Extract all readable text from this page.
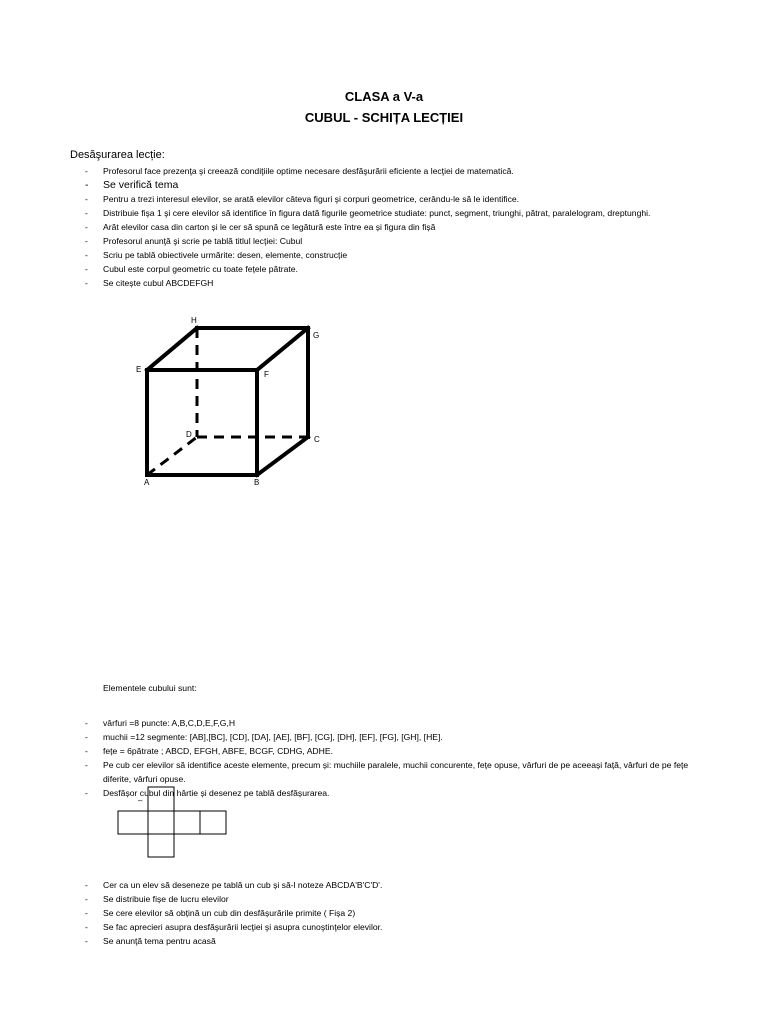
CLASA a V-a
CUBUL - SCHIȚA LECȚIEI
Desăşurarea lecție:
- Profesorul face prezenţa şi creează condiţiile optime necesare desfăşurării eficiente a lecţiei de matematică.
- Se verifică tema
- Pentru a trezi interesul elevilor, se arată elevilor câteva figuri şi corpuri geometrice, cerându-le să le identifice.
- Distribuie fişa 1 şi cere elevilor să identifice în figura dată figurile geometrice studiate: punct, segment, triunghi, pătrat, paralelogram, dreptunghi.
- Arăt elevilor casa din carton și le cer să spună ce legătură este între ea și figura din fișă
- Profesorul anunţă şi scrie pe tablă titlul lecţiei: Cubul
- Scriu pe tablă obiectivele urmărite: desen, elemente, construcție
- Cubul este corpul geometric cu toate fețele pătrate.
- Se citește cubul ABCDEFGH
A	B
C
D
E
F
G
H
–
Elementele cubului sunt:
- vârfuri =8 puncte: A,B,C,D,E,F,G,H
- muchii =12 segmente: [AB],[BC], [CD], [DA], [AE], [BF], [CG], [DH], [EF], [FG], [GH], [HE].
- fețe = 6pătrate ; ABCD, EFGH, ABFE, BCGF, CDHG, ADHE.
- Pe cub cer elevilor să identifice aceste elemente, precum și: muchiile paralele, muchii concurente, fețe opuse, vârfuri de pe aceeași față, vârfuri de pe fețe diferite, vârfuri opuse.
- Desfășor cubul din hârtie și desenez pe tablă desfășurarea.
- Cer ca un elev să deseneze pe tablă un cub și să-l noteze ABCDA'B'C'D'.
- Se distribuie fișe de lucru elevilor
- Se cere elevilor să obțină un cub din desfășurările primite ( Fișa 2)
- Se fac aprecieri asupra desfăşurării lecţiei şi asupra cunoştinţelor elevilor.
- Se anunţă tema pentru acasă
